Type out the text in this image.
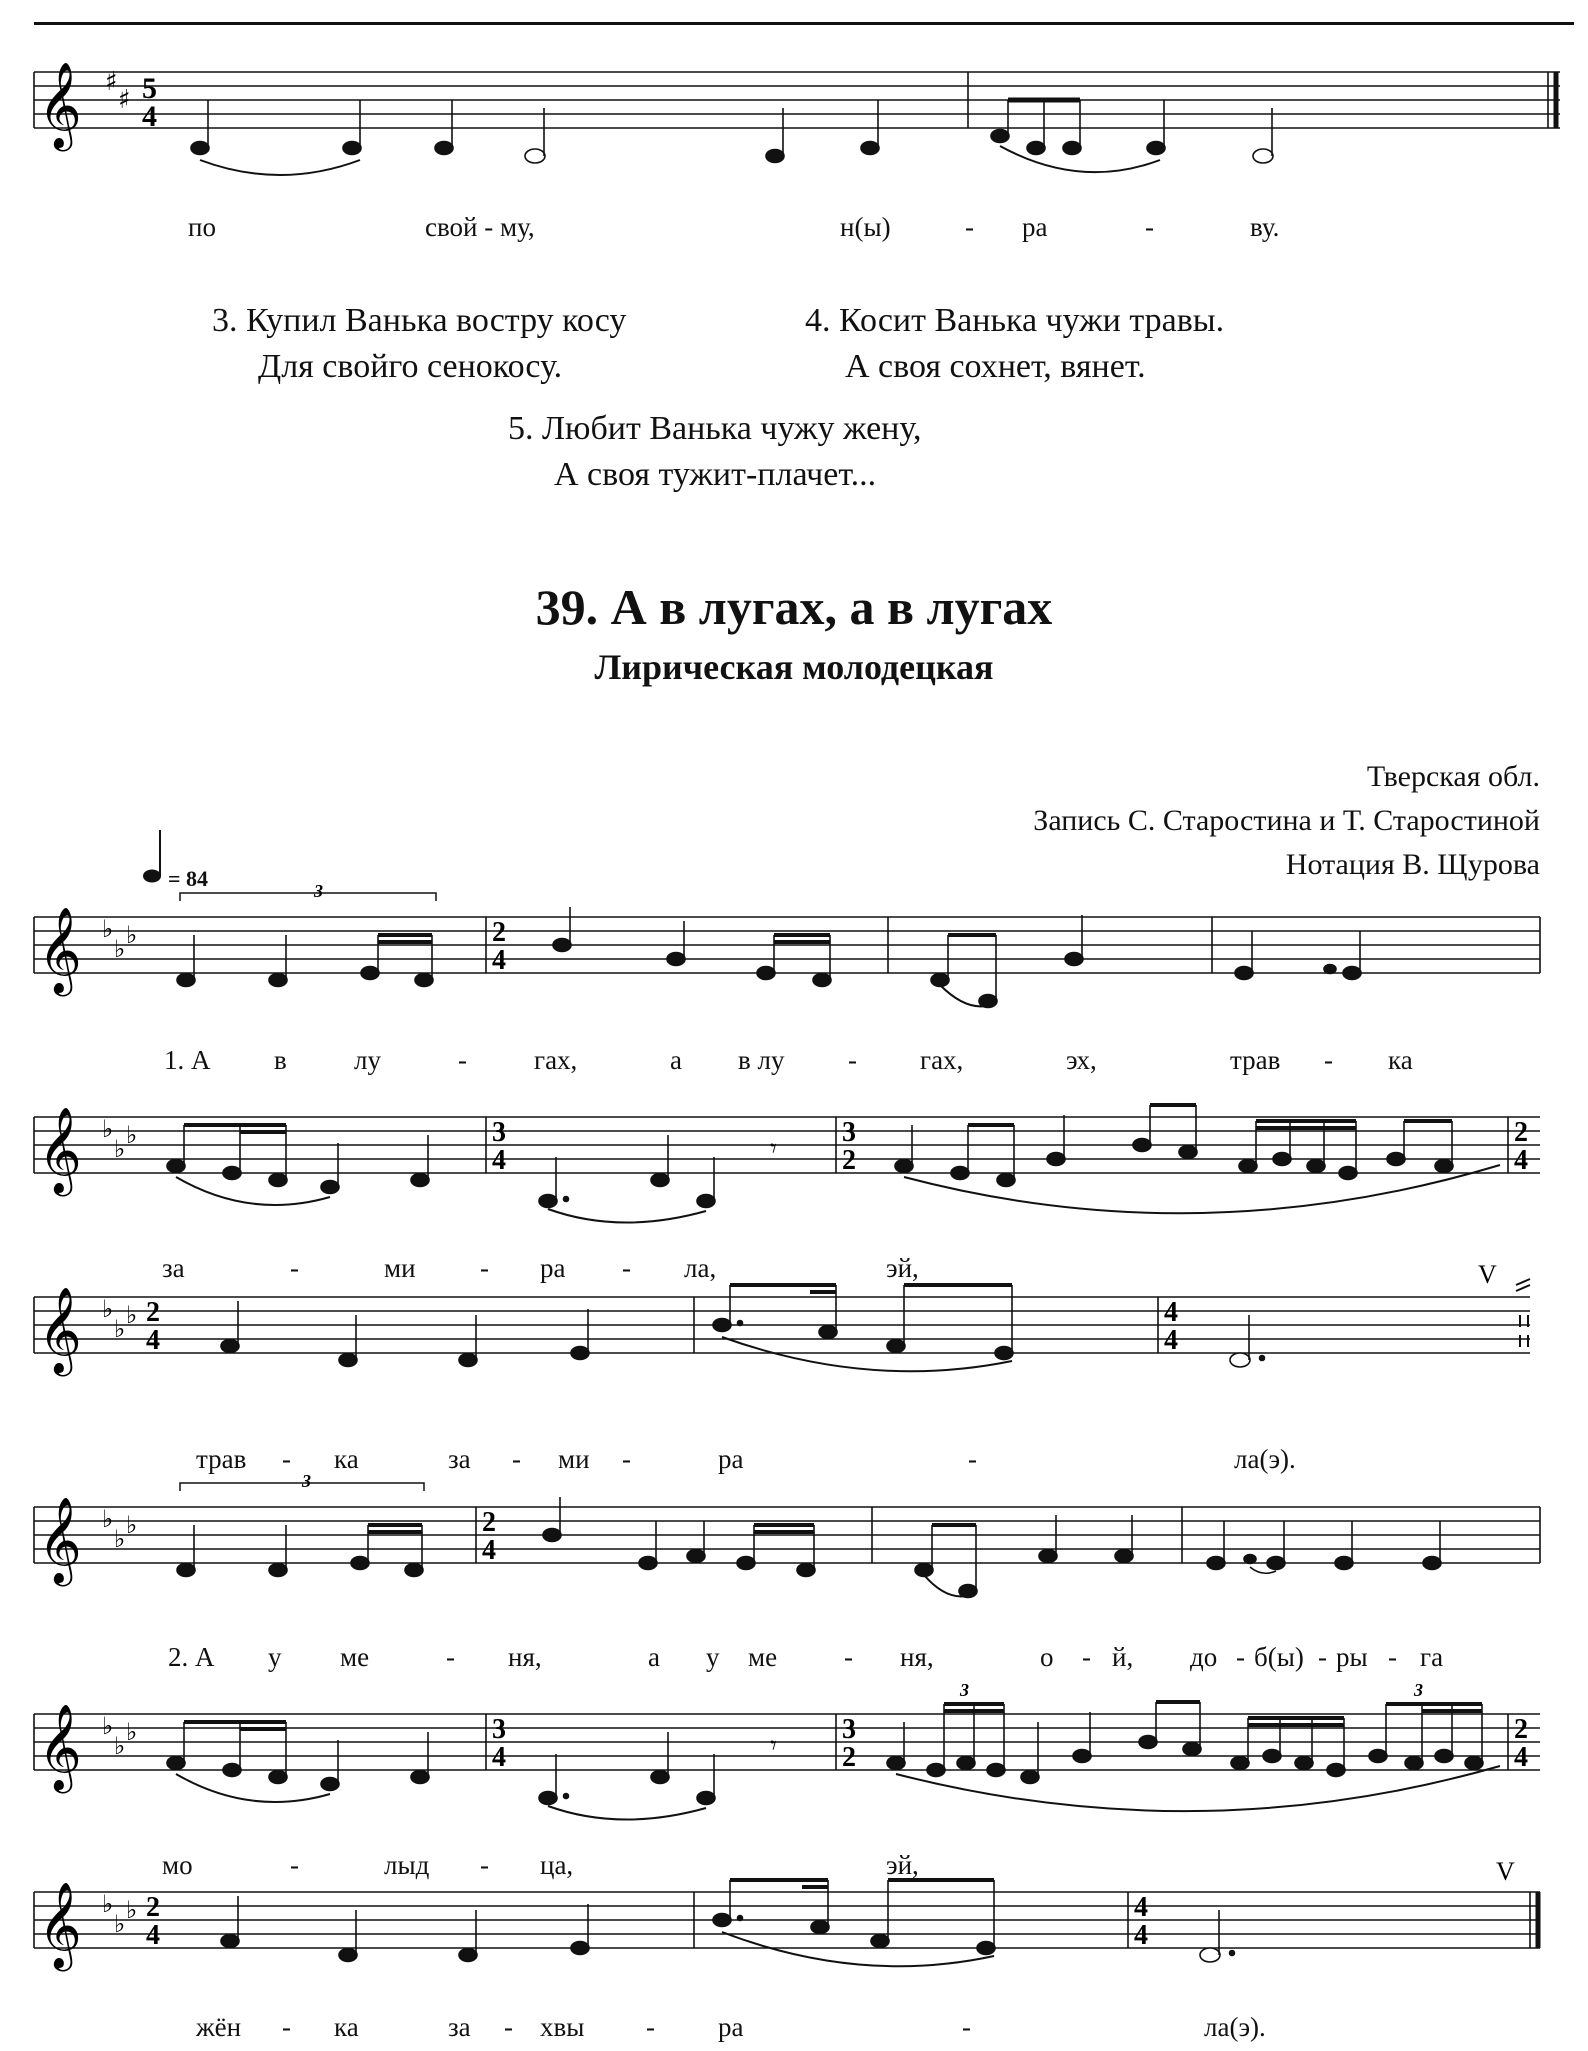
𝄞 ♯
♯ 5
4
по	свой - му,	н(ы)	- ра	-	ву.
3. Купил Ванька востру косу
Для свойго сенокосу.
4. Косит Ванька чужи травы.
А своя сохнет, вянет.
5. Любит Ванька чужу жену,
А своя тужит-плачет...
39. А в лугах, а в лугах
Лирическая молодецкая
Тверская обл.
Запись С. Старостина и Т. Старостиной
Нотация В. Щурова
= 84
𝄞 ♭
♭ ♭
3
2
4
1. А в лу	- гах,	а в лу - гах,	эх,	трав - ка
𝄞 ♭
♭ ♭	3
4
3
2
2
4
𝄾
за	-	ми - ра - ла,	эй,
𝄞 ♭
♭ ♭ 2
4
4
4
V
трав - ка	за - ми -	ра	-	ла(э).
𝄞 ♭
♭ ♭
3
2
4
2. А у ме	- ня,	а у ме - ня,	о - й, до - б(ы) - ры - га
𝄞 ♭
♭ ♭	3
4
3
2
2
4
3	3
𝄾
мо	-	лыд - ца,	эй,
𝄞 ♭
♭ ♭ 2
4
4
4
V
жён - ка	за - хвы - ра	-	ла(э).
